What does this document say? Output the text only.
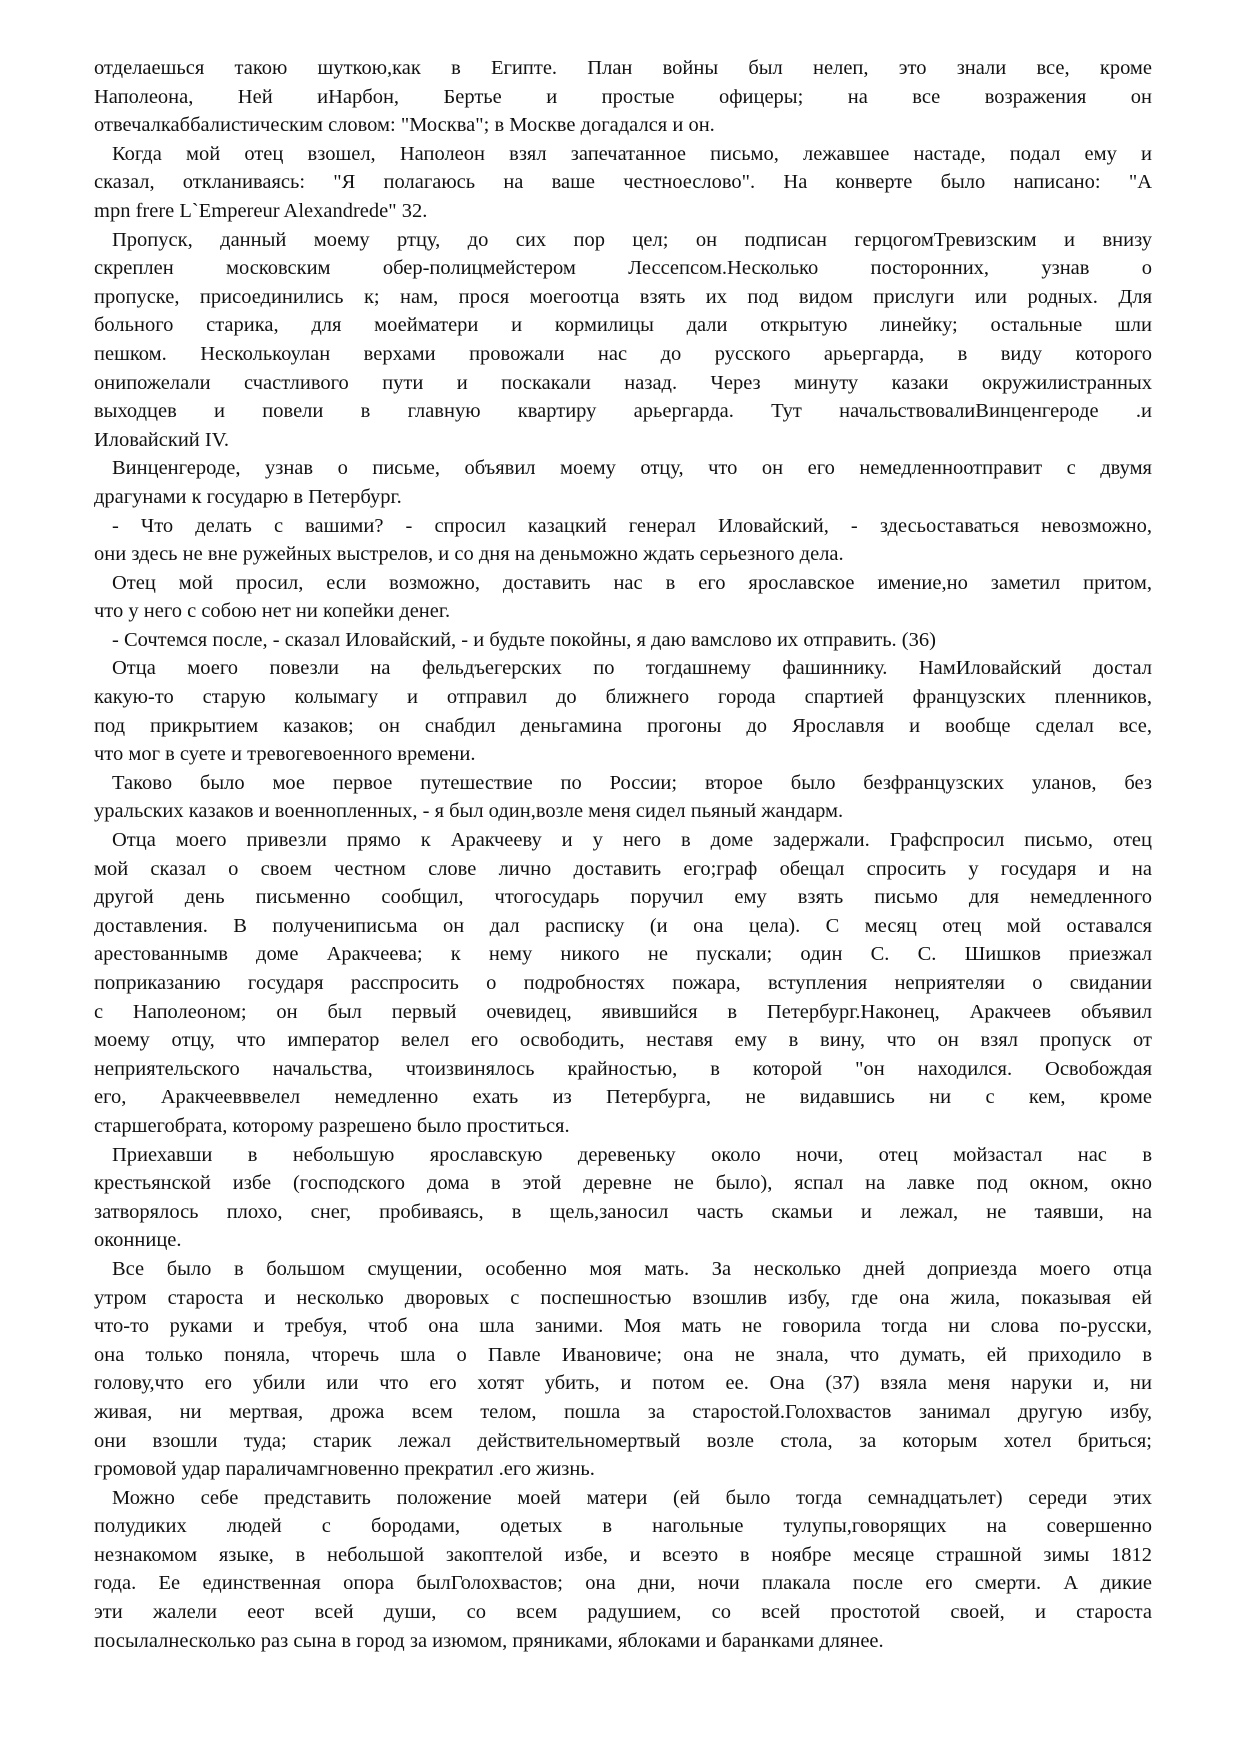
отделаешься такою шуткою,как в Египте. План войны был нелеп, это знали все, кроме
Наполеона, Ней иНарбон, Бертье и простые офицеры; на все возражения он
отвечалкаббалистическим словом: "Москва"; в Москве догадался и он.
Когда мой отец взошел, Наполеон взял запечатанное письмо, лежавшее настаде, подал ему и
сказал, откланиваясь: "Я полагаюсь на ваше честноеслово". На конверте было написано: "A
mpn frere L`Empereur Alexandrede" 32.
Пропуск, данный моему ртцу, до сих пор цел; он подписан герцогомТревизским и внизу
скреплен московским обер-полицмейстером Лессепсом.Несколько посторонних, узнав о
пропуске, присоединились к; нам, прося моегоотца взять их под видом прислуги или родных. Для
больного старика, для моейматери и кормилицы дали открытую линейку; остальные шли
пешком. Несколькоулан верхами провожали нас до русского арьергарда, в виду которого
онипожелали счастливого пути и поскакали назад. Через минуту казаки окружилистранных
выходцев и повели в главную квартиру арьергарда. Тут начальствовалиВинценгероде .и
Иловайский IV.
Винценгероде, узнав о письме, объявил моему отцу, что он его немедленноотправит с двумя
драгунами к государю в Петербург.
- Что делать с вашими? - спросил казацкий генерал Иловайский, - здесьоставаться невозможно,
они здесь не вне ружейных выстрелов, и со дня на деньможно ждать серьезного дела.
Отец мой просил, если возможно, доставить нас в его ярославское имение,но заметил притом,
что у него с собою нет ни копейки денег.
- Сочтемся после, - сказал Иловайский, - и будьте покойны, я даю вамслово их отправить. (36)
Отца моего повезли на фельдъегерских по тогдашнему фашиннику. НамИловайский достал
какую-то старую колымагу и отправил до ближнего города спартией французских пленников,
под прикрытием казаков; он снабдил деньгамина прогоны до Ярославля и вообще сделал все,
что мог в суете и тревогевоенного времени.
Таково было мое первое путешествие по России; второе было безфранцузских уланов, без
уральских казаков и военнопленных, - я был один,возле меня сидел пьяный жандарм.
Отца моего привезли прямо к Аракчееву и у него в доме задержали. Графспросил письмо, отец
мой сказал о своем честном слове лично доставить его;граф обещал спросить у государя и на
другой день письменно сообщил, чтогосударь поручил ему взять письмо для немедленного
доставления. В получениписьма он дал расписку (и она цела). С месяц отец мой оставался
арестованнымв доме Аракчеева; к нему никого не пускали; один С. С. Шишков приезжал
поприказанию государя расспросить о подробностях пожара, вступления неприятеляи о свидании
с Наполеоном; он был первый очевидец, явившийся в Петербург.Наконец, Аракчеев объявил
моему отцу, что император велел его освободить, неставя ему в вину, что он взял пропуск от
неприятельского начальства, чтоизвинялось крайностью, в которой "он находился. Освобождая
его, Аракчеевввелел немедленно ехать из Петербурга, не видавшись ни с кем, кроме
старшегобрата, которому разрешено было проститься.
Приехавши в небольшую ярославскую деревеньку около ночи, отец мойзастал нас в
крестьянской избе (господского дома в этой деревне не было), яспал на лавке под окном, окно
затворялось плохо, снег, пробиваясь, в щель,заносил часть скамьи и лежал, не таявши, на
оконнице.
Все было в большом смущении, особенно моя мать. За несколько дней доприезда моего отца
утром староста и несколько дворовых с поспешностью взошлив избу, где она жила, показывая ей
что-то руками и требуя, чтоб она шла заними. Моя мать не говорила тогда ни слова по-русски,
она только поняла, чторечь шла о Павле Ивановиче; она не знала, что думать, ей приходило в
голову,что его убили или что его хотят убить, и потом ее. Она (37) взяла меня наруки и, ни
живая, ни мертвая, дрожа всем телом, пошла за старостой.Голохвастов занимал другую избу,
они взошли туда; старик лежал действительномертвый возле стола, за которым хотел бриться;
громовой удар параличамгновенно прекратил .его жизнь.
Можно себе представить положение моей матери (ей было тогда семнадцатьлет) середи этих
полудиких людей с бородами, одетых в нагольные тулупы,говорящих на совершенно
незнакомом языке, в небольшой закоптелой избе, и всеэто в ноябре месяце страшной зимы 1812
года. Ее единственная опора былГолохвастов; она дни, ночи плакала после его смерти. А дикие
эти жалели еeот всей души, со всем радушием, со всей простотой своей, и староста
посылалнесколько раз сына в город за изюмом, пряниками, яблоками и баранками длянее.
